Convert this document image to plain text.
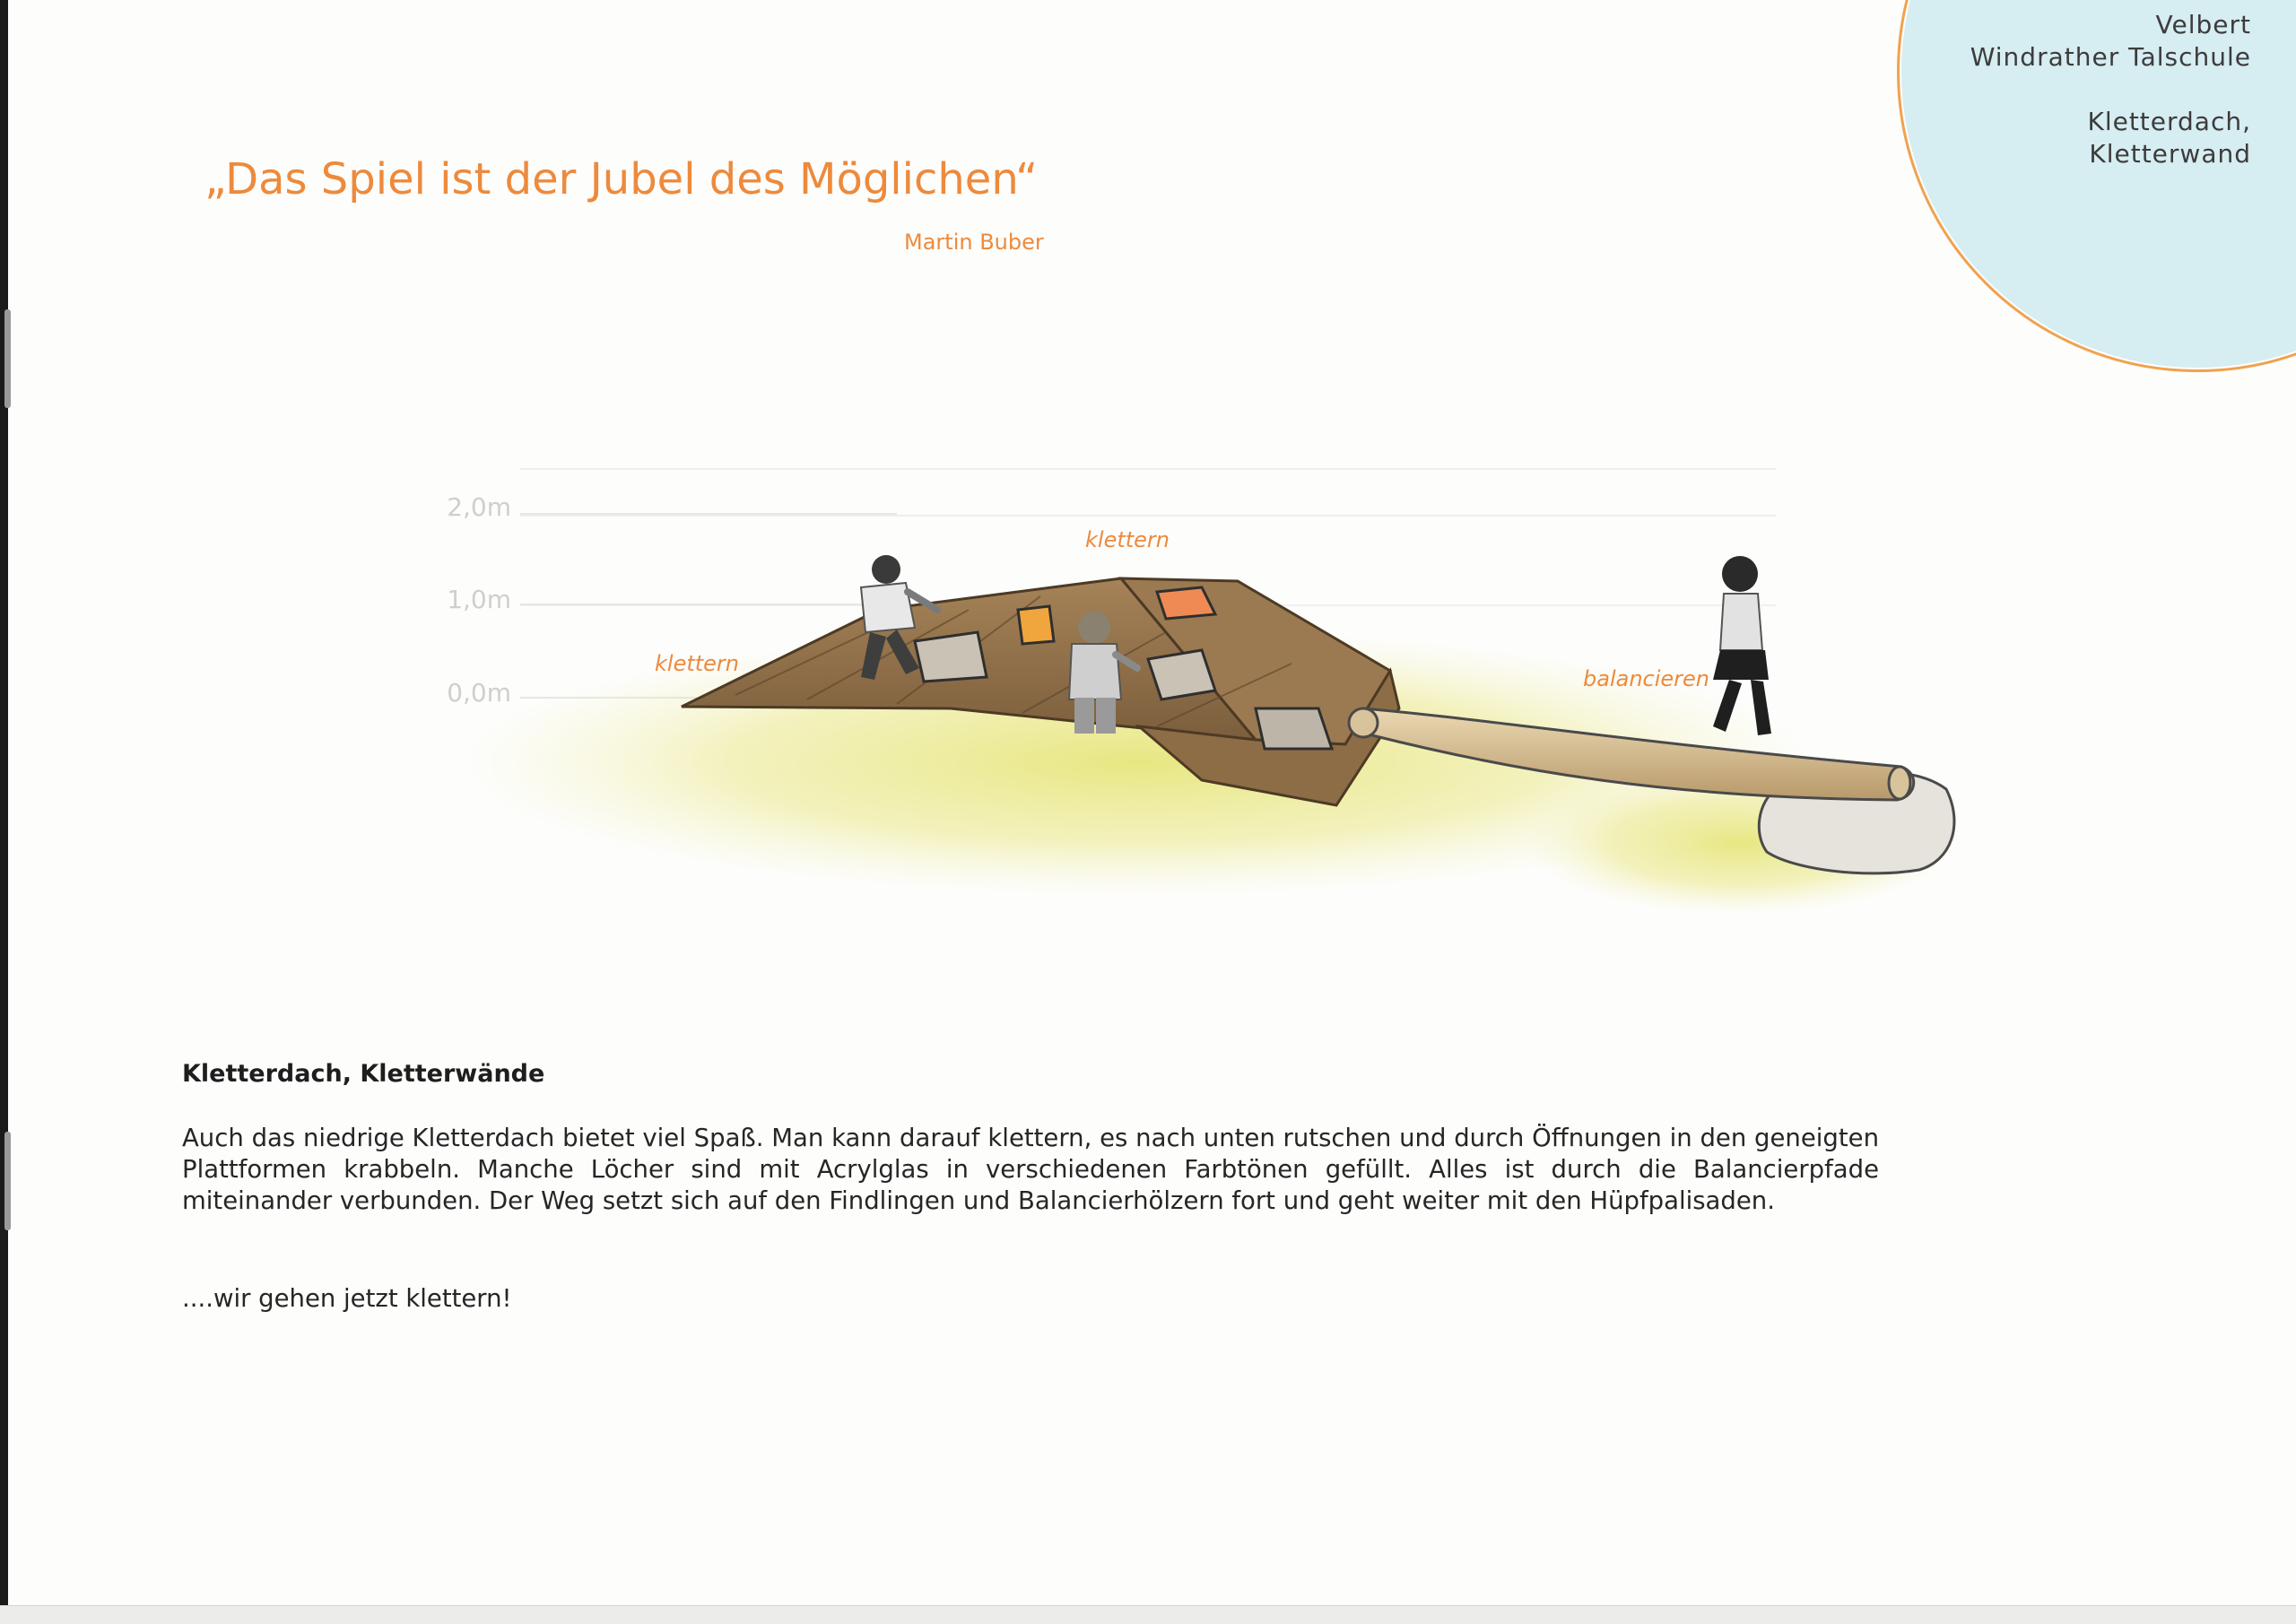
Velbert
Windrather Talschule
Kletterdach,
Kletterwand
„Das Spiel ist der Jubel des Möglichen“
Martin Buber
2,0m
1,0m
0,0m
klettern
klettern
balancieren
Kletterdach, Kletterwände

Auch das niedrige Kletterdach bietet viel Spaß. Man kann darauf klettern, es nach unten rutschen und durch Öffnungen in den geneigten Plattformen krabbeln. Manche Löcher sind mit Acrylglas in verschiedenen Farbtönen gefüllt. Alles ist durch die Balancierpfade miteinander verbunden. Der Weg setzt sich auf den Findlingen und Balancierhölzern fort und geht weiter mit den Hüpfpalisaden.

....wir gehen jetzt klettern!
